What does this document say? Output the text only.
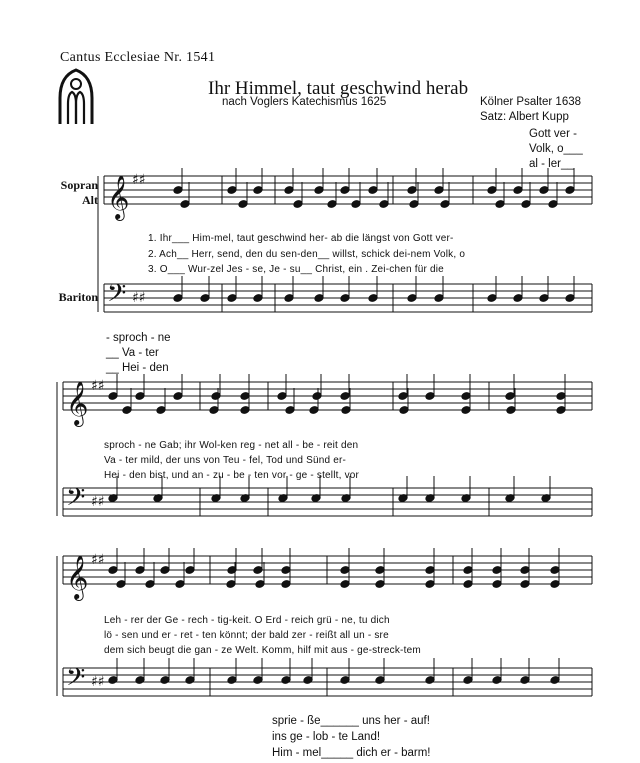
𝄞 ♯♯
𝄢 ♯♯
𝄞 ♯♯
𝄢 ♯♯
𝄞 ♯♯
𝄢 ♯♯
Cantus Ecclesiae Nr. 1541
Ihr Himmel, taut geschwind herab
nach Voglers Katechismus 1625	Kölner Psalter 1638
Satz: Albert Kupp
Gott ver -
Volk, o___
al - ler__
Sopran
Alt
Bariton
1. Ihr___ Him-mel, taut geschwind her- ab die längst von Gott ver-
2. Ach__ Herr, send, den du sen-den__ willst, schick dei-nem Volk, o
3. O___ Wur-zel Jes - se, Je - su__ Christ, ein . Zei-chen für die
- sproch - ne
__ Va - ter
__ Hei - den
sproch - ne Gab; ihr Wol-ken reg - net all - be - reit den
Va - ter mild, der uns von Teu - fel, Tod und Sünd er-
Hei - den bist, und an - zu - be - ten vor - ge - stellt, vor
Leh - rer der Ge - rech - tig-keit. O Erd - reich grü - ne, tu dich
lö - sen und er - ret - ten könnt; der bald zer - reißt all un - sre
dem sich beugt die gan - ze Welt. Komm, hilf mit aus - ge-streck-tem
sprie - ße______ uns her - auf!
ins ge - lob - te Land!
Him - mel_____ dich er - barm!
